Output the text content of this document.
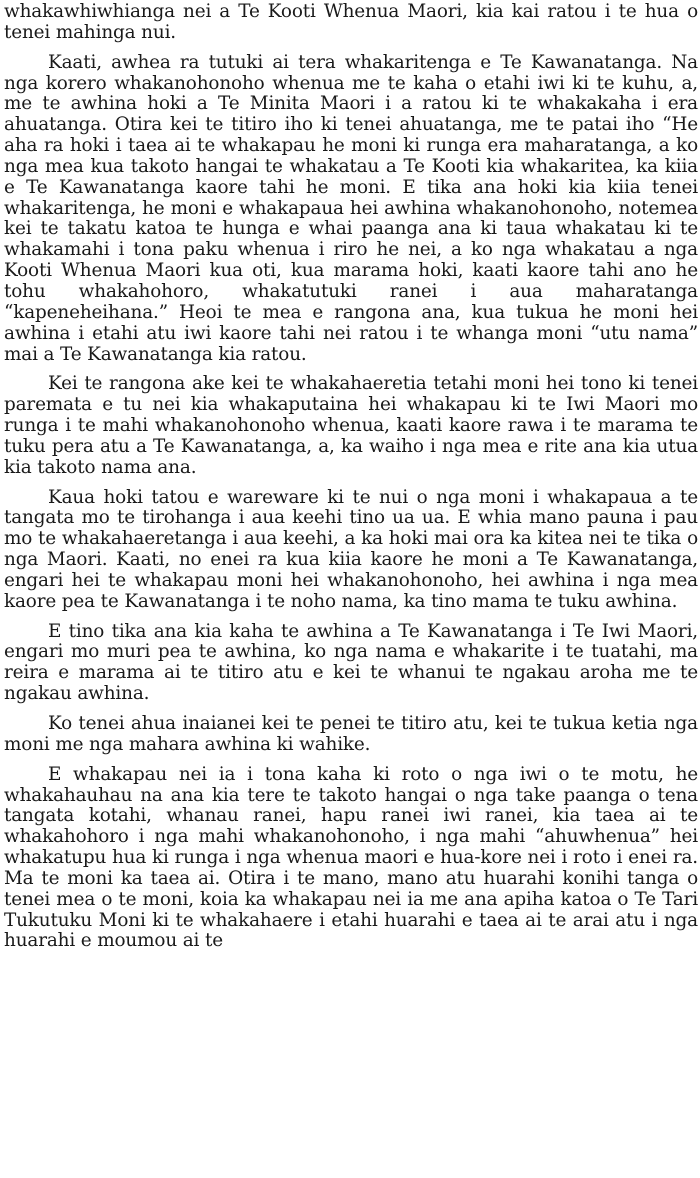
whakawhiwhianga nei a Te Kooti Whenua Maori, kia kai ratou i te hua o tenei mahinga nui.

Kaati, awhea ra tutuki ai tera whakaritenga e Te Kawanatanga. Na nga korero whakanohonoho whenua me te kaha o etahi iwi ki te kuhu, a, me te awhina hoki a Te Minita Maori i a ratou ki te whakakaha i era ahuatanga. Otira kei te titiro iho ki tenei ahuatanga, me te patai iho “He aha ra hoki i taea ai te whakapau he moni ki runga era maharatanga, a ko nga mea kua takoto hangai te whakatau a Te Kooti kia whakaritea, ka kiia e Te Kawanatanga kaore tahi he moni. E tika ana hoki kia kiia tenei whakaritenga, he moni e whakapaua hei awhina whakanohonoho, notemea kei te takatu katoa te hunga e whai paanga ana ki taua whakatau ki te whakamahi i tona paku whenua i riro he nei, a ko nga whakatau a nga Kooti Whenua Maori kua oti, kua marama hoki, kaati kaore tahi ano he tohu whakahohoro, whakatutuki ranei i aua maharatanga “kapeneheihana.” Heoi te mea e rangona ana, kua tukua he moni hei awhina i etahi atu iwi kaore tahi nei ratou i te whanga moni “utu nama” mai a Te Kawanatanga kia ratou.

Kei te rangona ake kei te whakahaeretia tetahi moni hei tono ki tenei paremata e tu nei kia whakaputaina hei whakapau ki te Iwi Maori mo runga i te mahi whakanohonoho whenua, kaati kaore rawa i te marama te tuku pera atu a Te Kawanatanga, a, ka waiho i nga mea e rite ana kia utua kia takoto nama ana.

Kaua hoki tatou e wareware ki te nui o nga moni i whakapaua a te tangata mo te tirohanga i aua keehi tino ua ua. E whia mano pauna i pau mo te whakahaeretanga i aua keehi, a ka hoki mai ora ka kitea nei te tika o nga Maori. Kaati, no enei ra kua kiia kaore he moni a Te Kawanatanga, engari hei te whakapau moni hei whakanohonoho, hei awhina i nga mea kaore pea te Kawanatanga i te noho nama, ka tino mama te tuku awhina.

E tino tika ana kia kaha te awhina a Te Kawanatanga i Te Iwi Maori, engari mo muri pea te awhina, ko nga nama e whakarite i te tuatahi, ma reira e marama ai te titiro atu e kei te whanui te ngakau aroha me te ngakau awhina.

Ko tenei ahua inaianei kei te penei te titiro atu, kei te tukua ketia nga moni me nga mahara awhina ki wahike.

E whakapau nei ia i tona kaha ki roto o nga iwi o te motu, he whakahauhau na ana kia tere te takoto hangai o nga take paanga o tena tangata kotahi, whanau ranei, hapu ranei iwi ranei, kia taea ai te whakahohoro i nga mahi whakanohonoho, i nga mahi “ahuwhenua” hei whakatupu hua ki runga i nga whenua maori e hua-kore nei i roto i enei ra. Ma te moni ka taea ai. Otira i te mano, mano atu huarahi konihi tanga o tenei mea o te moni, koia ka whakapau nei ia me ana apiha katoa o Te Tari Tukutuku Moni ki te whakahaere i etahi huarahi e taea ai te arai atu i nga huarahi e moumou ai te
